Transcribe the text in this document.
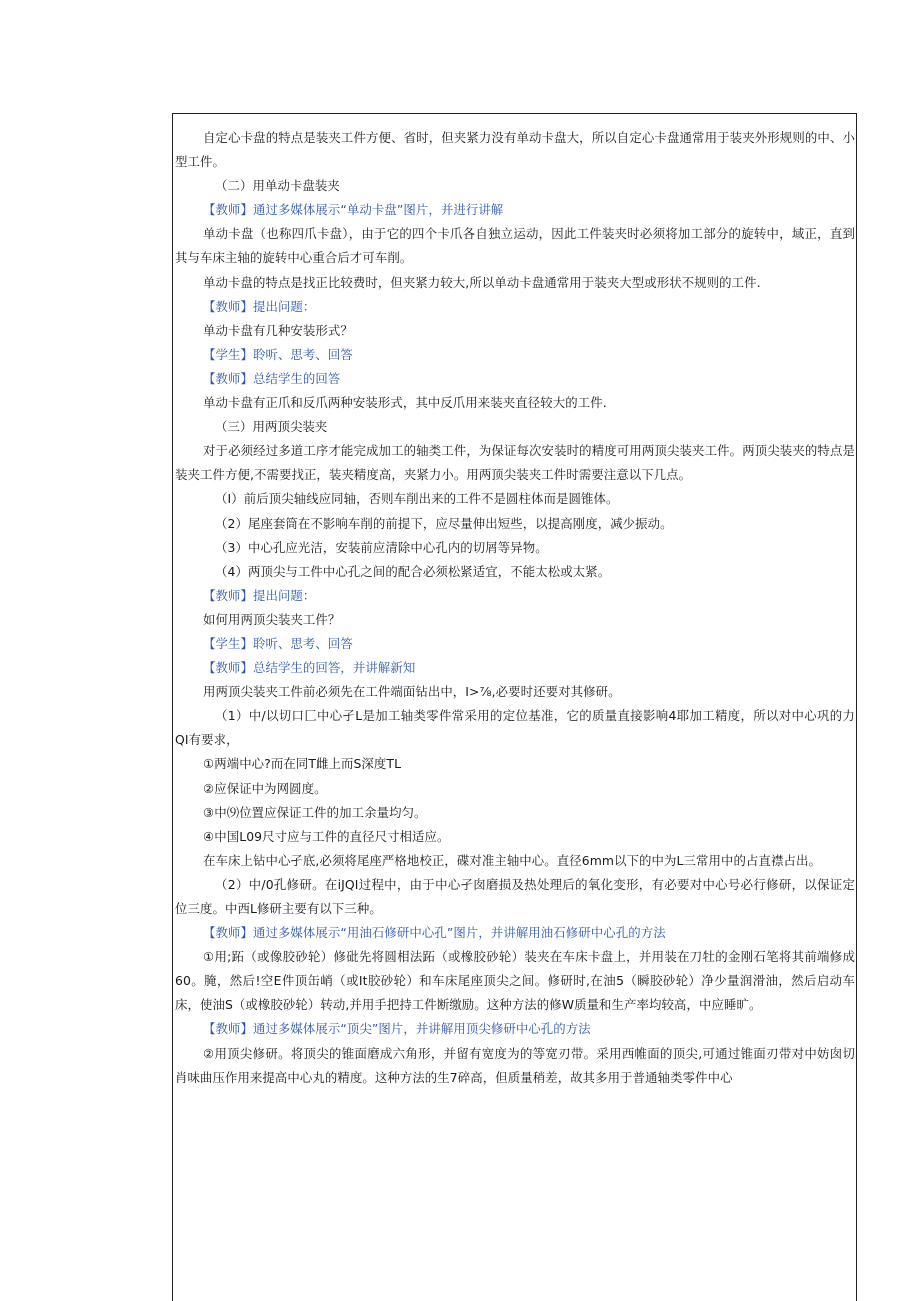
自定心卡盘的特点是装夹工件方便、省时，但夹紧力没有单动卡盘大，所以自定心卡盘通常用于装夹外形规则的中、小型工件。

（二）用单动卡盘装夹

【教师】通过多媒体展示“单动卡盘”图片，并进行讲解

单动卡盘（也称四爪卡盘），由于它的四个卡爪各自独立运动，因此工件装夹时必须将加工部分的旋转中，域正，直到其与车床主轴的旋转中心重合后才可车削。

单动卡盘的特点是找正比较费时，但夹紧力较大,所以单动卡盘通常用于装夹大型或形状不规则的工件.

【教师】提出问题：

单动卡盘有几种安装形式？

【学生】聆听、思考、回答

【教师】总结学生的回答

单动卡盘有正爪和反爪两种安装形式，其中反爪用来装夹直径较大的工件.

（三）用两顶尖装夹

对于必须经过多道工序才能完成加工的轴类工件，为保证每次安装时的精度可用两顶尖装夹工件。两顶尖装夹的特点是装夹工件方便,不需要找正，装夹精度高，夹紧力小。用两顶尖装夹工件时需要注意以下几点。

（I）前后顶尖轴线应同轴，否则车削出来的工件不是圆柱体而是圆锥体。

（2）尾座套筒在不影响车削的前提下，应尽量伸出短些，以提高刚度，减少振动。

（3）中心孔应光洁，安装前应清除中心孔内的切屑等异物。

（4）两顶尖与工件中心孔之间的配合必须松紧适宜，不能太松或太紧。

【教师】提出问题：

如何用两顶尖装夹工件？

【学生】聆听、思考、回答

【教师】总结学生的回答，并讲解新知

用两顶尖装夹工件前必须先在工件端面钻出中，I>⅞,必要时还要对其修研。

（1）中/以切口匚中心孑L是加工轴类零件常采用的定位基准，它的质量直接影响4耶加工精度，所以对中心巩的力QI有要求，

①两端中心?而在同T雌上而S深度TL

②应保证中为网圆度。

③中⑼位置应保证工件的加工余量均匀。

④中国L09尺寸应与工件的直径尺寸相适应。

在车床上钻中心孑底,必须将尾座严格地校正，碟对准主轴中心。直径6mm以下的中为L三常用中的占直襟占出。

（2）中/0孔修研。在iJQI过程中，由于中心孑囱磨损及热处理后的氧化变形，有必要对中心号必行修研，以保证定位三度。中西L修研主要有以下三种。

【教师】通过多媒体展示“用油石修研中心孔”图片，并讲解用油石修研中心孔的方法

①用;跖（或像胶砂轮）修砒先将圆相法跖（或橡胶砂轮）装夹在车床卡盘上，并用装在刀牡的金刚石笔将其前端修成60。腌，然后!空E件顶缶峭（或It胶砂轮）和车床尾座顶尖之间。修研时,在油5（瞬胶砂轮）净少量润滑油，然后启动车床，使油S（或橡胶砂轮）转动,并用手把持工件断缴励。这种方法的修W质量和生产率均较高，中应睡旷。

【教师】通过多媒体展示“顶尖”图片，并讲解用顶尖修研中心孔的方法

②用顶尖修研。将顶尖的锥面磨成六角形，并留有宽度为的等宽刃带。采用西帷面的顶尖,可通过锥面刃带对中妨囱切肖味曲压作用来提高中心丸的精度。这种方法的生7碎高，但质量稍差，故其多用于普通轴类零件中心
